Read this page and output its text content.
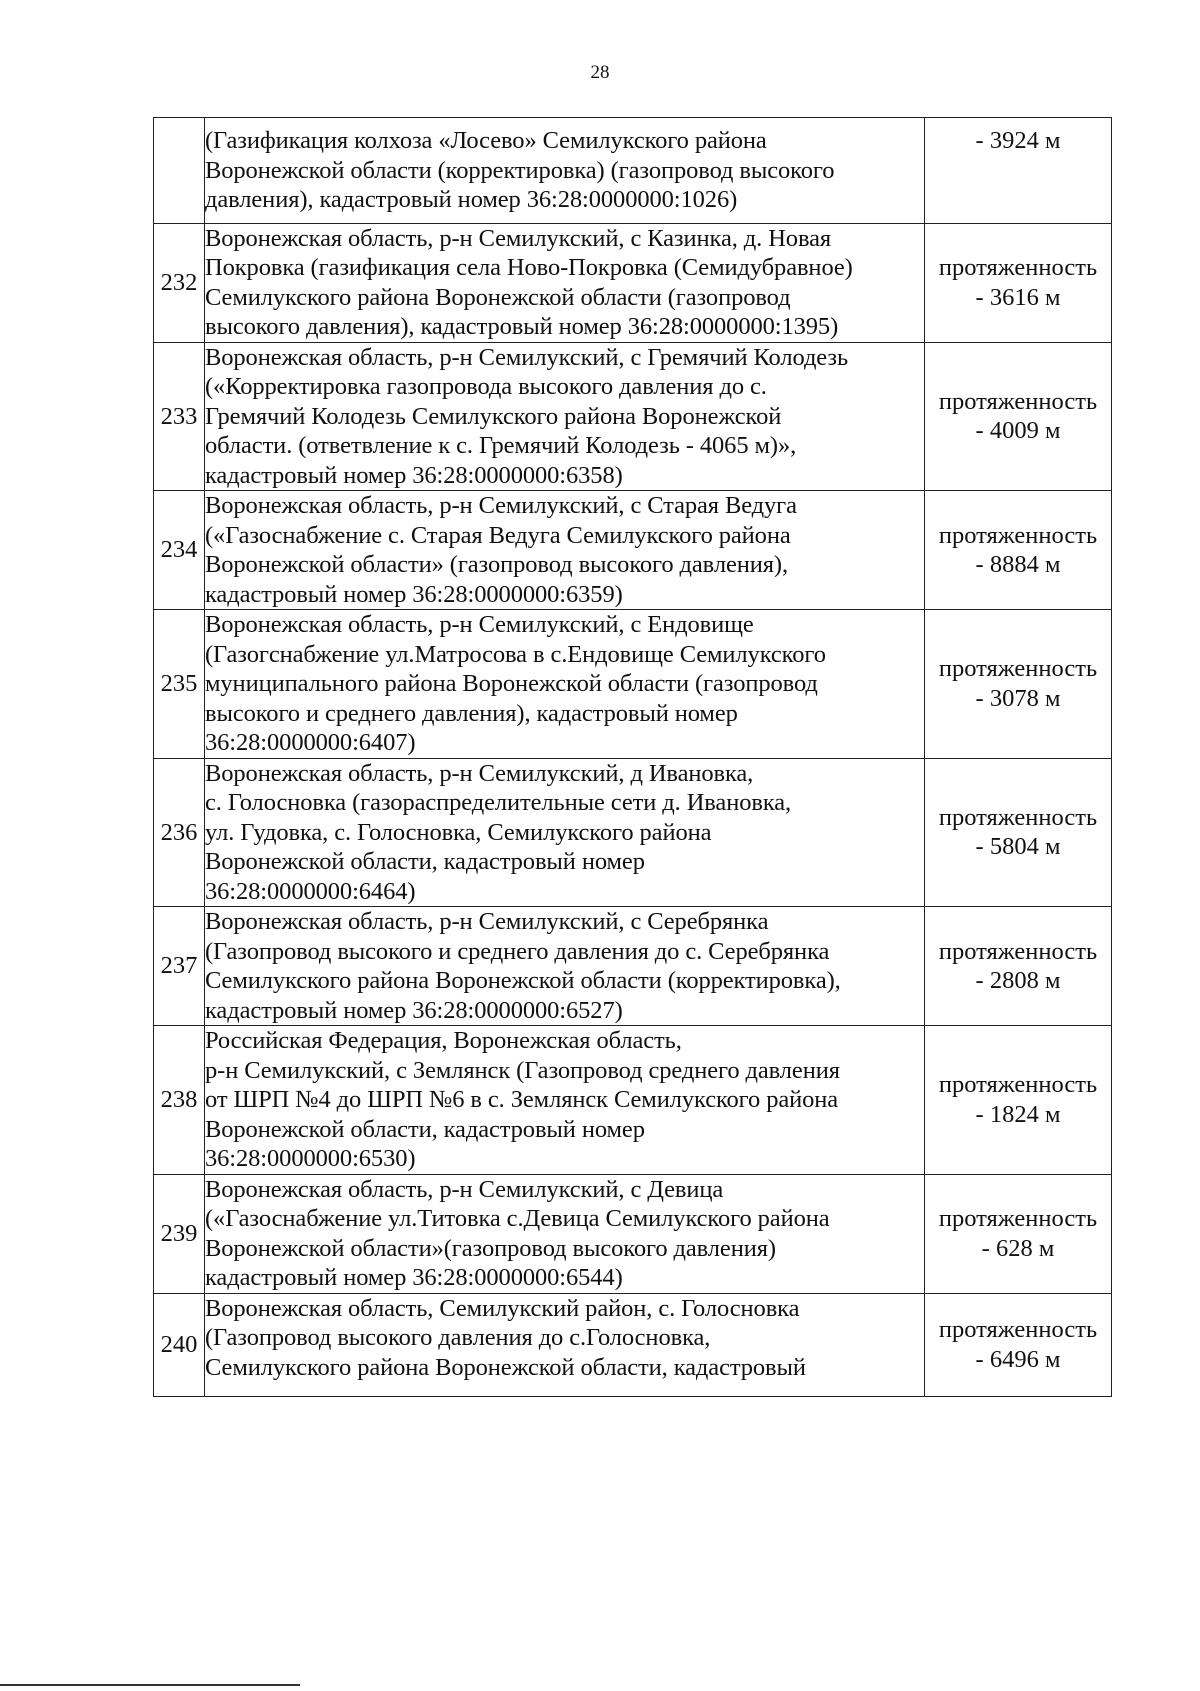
28
	(Газификация колхоза «Лосево» Семилукского района
Воронежской области (корректировка) (газопровод высокого
давления), кадастровый номер 36:28:0000000:1026)	- 3924 м
232	Воронежская область, р-н Семилукский, с Казинка, д. Новая
Покровка (газификация села Ново-Покровка (Семидубравное)
Семилукского района Воронежской области (газопровод
высокого давления), кадастровый номер 36:28:0000000:1395)	протяженность
- 3616 м
233	Воронежская область, р-н Семилукский, с Гремячий Колодезь
(«Корректировка газопровода высокого давления до с.
Гремячий Колодезь Семилукского района Воронежской
области. (ответвление к с. Гремячий Колодезь - 4065 м)»,
кадастровый номер 36:28:0000000:6358)	протяженность
- 4009 м
234	Воронежская область, р-н Семилукский, с Старая Ведуга
(«Газоснабжение с. Старая Ведуга Семилукского района
Воронежской области» (газопровод высокого давления),
кадастровый номер 36:28:0000000:6359)	протяженность
- 8884 м
235	Воронежская область, р-н Семилукский, с Ендовище
(Газогснабжение ул.Матросова в с.Ендовище Семилукского
муниципального района Воронежской области (газопровод
высокого и среднего давления), кадастровый номер
36:28:0000000:6407)	протяженность
- 3078 м
236	Воронежская область, р-н Семилукский, д Ивановка,
с. Голосновка (газораспределительные сети д. Ивановка,
ул. Гудовка, с. Голосновка, Семилукского района
Воронежской области, кадастровый номер
36:28:0000000:6464)	протяженность
- 5804 м
237	Воронежская область, р-н Семилукский, с Серебрянка
(Газопровод высокого и среднего давления до с. Серебрянка
Семилукского района Воронежской области (корректировка),
кадастровый номер 36:28:0000000:6527)	протяженность
- 2808 м
238	Российская Федерация, Воронежская область,
р-н Семилукский, с Землянск (Газопровод среднего давления
от ШРП №4 до ШРП №6 в с. Землянск Семилукского района
Воронежской области, кадастровый номер
36:28:0000000:6530)	протяженность
- 1824 м
239	Воронежская область, р-н Семилукский, с Девица
(«Газоснабжение ул.Титовка с.Девица Семилукского района
Воронежской области»(газопровод высокого давления)
кадастровый номер 36:28:0000000:6544)	протяженность
- 628 м
240	Воронежская область, Семилукский район, с. Голосновка
(Газопровод высокого давления до с.Голосновка,
Семилукского района Воронежской области, кадастровый	протяженность
- 6496 м
